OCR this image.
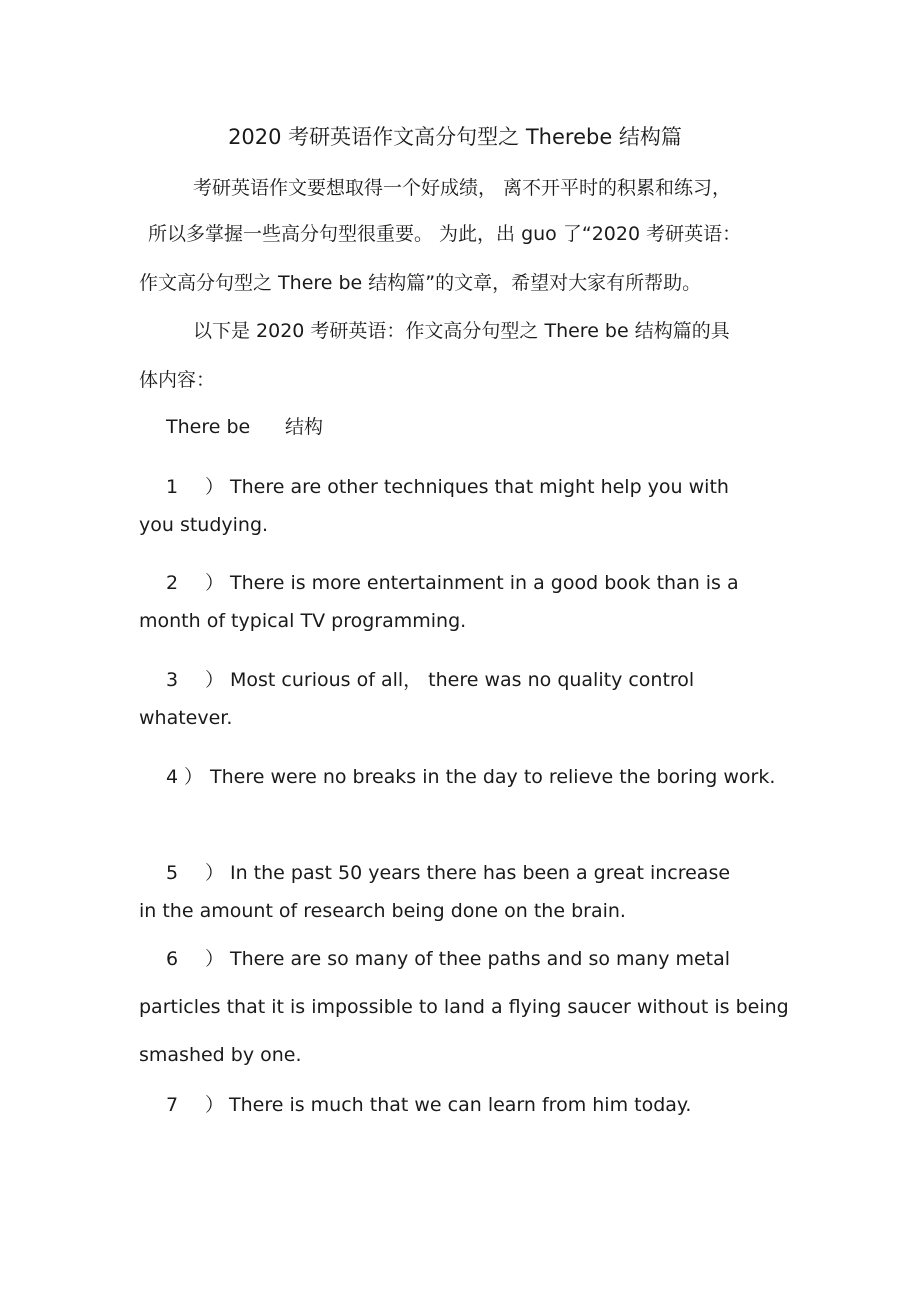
2020 考研英语作文高分句型之 Therebe 结构篇
考研英语作文要想取得一个好成绩， 离不开平时的积累和练习，
所以多掌握一些高分句型很重要。 为此，出 guo 了“2020 考研英语：
作文高分句型之 There be 结构篇”的文章，希望对大家有所帮助。
以下是 2020 考研英语：作文高分句型之 There be 结构篇的具
体内容：
There be 结构
1 ） There are other techniques that might help you with
you studying.
2 ） There is more entertainment in a good book than is a
month of typical TV programming.
3 ） Most curious of all， there was no quality control
whatever.
4 ） There were no breaks in the day to relieve the boring work.
5 ） In the past 50 years there has been a great increase
in the amount of research being done on the brain.
6 ） There are so many of thee paths and so many metal
particles that it is impossible to land a flying saucer without is being
smashed by one.
7 ） There is much that we can learn from him today.
